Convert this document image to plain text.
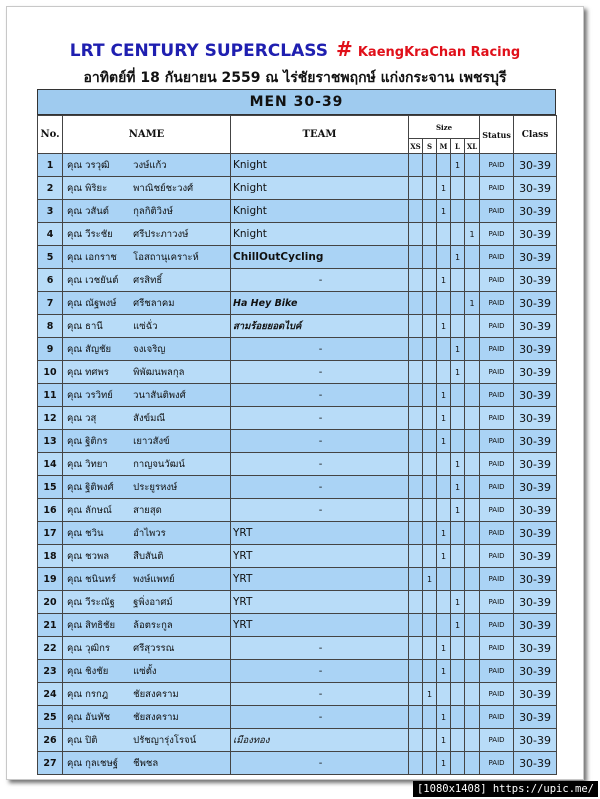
LRT CENTURY SUPERCLASS # KaengKraChan Racing
อาทิตย์ที่ 18 กันยายน 2559 ณ ไร่ชัยราชพฤกษ์ แก่งกระจาน เพชรบุรี
MEN 30-39
No.	NAME	TEAM	Size					Status	Class
			XS	S	M	L	XL		
1	คุณ วรวุฒิ วงษ์แก้ว	Knight				1		PAID	30-39
2	คุณ พิริยะ พาณิชย์ชะวงศ์	Knight			1			PAID	30-39
3	คุณ วสันต์ กุลกิติวิงษ์	Knight			1			PAID	30-39
4	คุณ วีระชัย ศรีประภาวงษ์	Knight					1	PAID	30-39
5	คุณ เอกราช โอสถานุเคราะห์	ChillOutCycling				1		PAID	30-39
6	คุณ เวชยันต์ ศรสิทธิ์	-			1			PAID	30-39
7	คุณ ณัฐพงษ์ ศรีชลาคม	Ha Hey Bike					1	PAID	30-39
8	คุณ ธานี แซ่ฉั่ว	สามร้อยยอดไบค์			1			PAID	30-39
9	คุณ สัญชัย จงเจริญ	-				1		PAID	30-39
10	คุณ ทศพร พิพัฒนพลกุล	-				1		PAID	30-39
11	คุณ วรวิทย์ วนาสันติพงศ์	-			1			PAID	30-39
12	คุณ วสุ สังข์มณี	-			1			PAID	30-39
13	คุณ ฐิติกร เยาวสังข์	-			1			PAID	30-39
14	คุณ วิทยา กาญจนวัฒน์	-				1		PAID	30-39
15	คุณ ฐิติพงศ์ ประยูรหงษ์	-				1		PAID	30-39
16	คุณ ลักษณ์ สายสุด	-				1		PAID	30-39
17	คุณ ชวิน อำไพวร	YRT			1			PAID	30-39
18	คุณ ชวพล สืบสันติ	YRT			1			PAID	30-39
19	คุณ ชนินทร์ พงษ์แพทย์	YRT		1				PAID	30-39
20	คุณ วีระณัฐ ฐพิ่งอาศม์	YRT				1		PAID	30-39
21	คุณ สิทธิชัย ล้อตระกูล	YRT				1		PAID	30-39
22	คุณ วุฒิกร ศรีสุวรรณ	-			1			PAID	30-39
23	คุณ ชิงชัย แซ่ตั้ง	-			1			PAID	30-39
24	คุณ กรกฎ ชัยสงคราม	-		1				PAID	30-39
25	คุณ อันทัช ชัยสงคราม	-			1			PAID	30-39
26	คุณ ปิติ ปรัชญารุ่งโรจน์	เมืองทอง			1			PAID	30-39
27	คุณ กุลเชษฐ์ ชีพชล	-			1			PAID	30-39
[1080x1408] https://upic.me/
